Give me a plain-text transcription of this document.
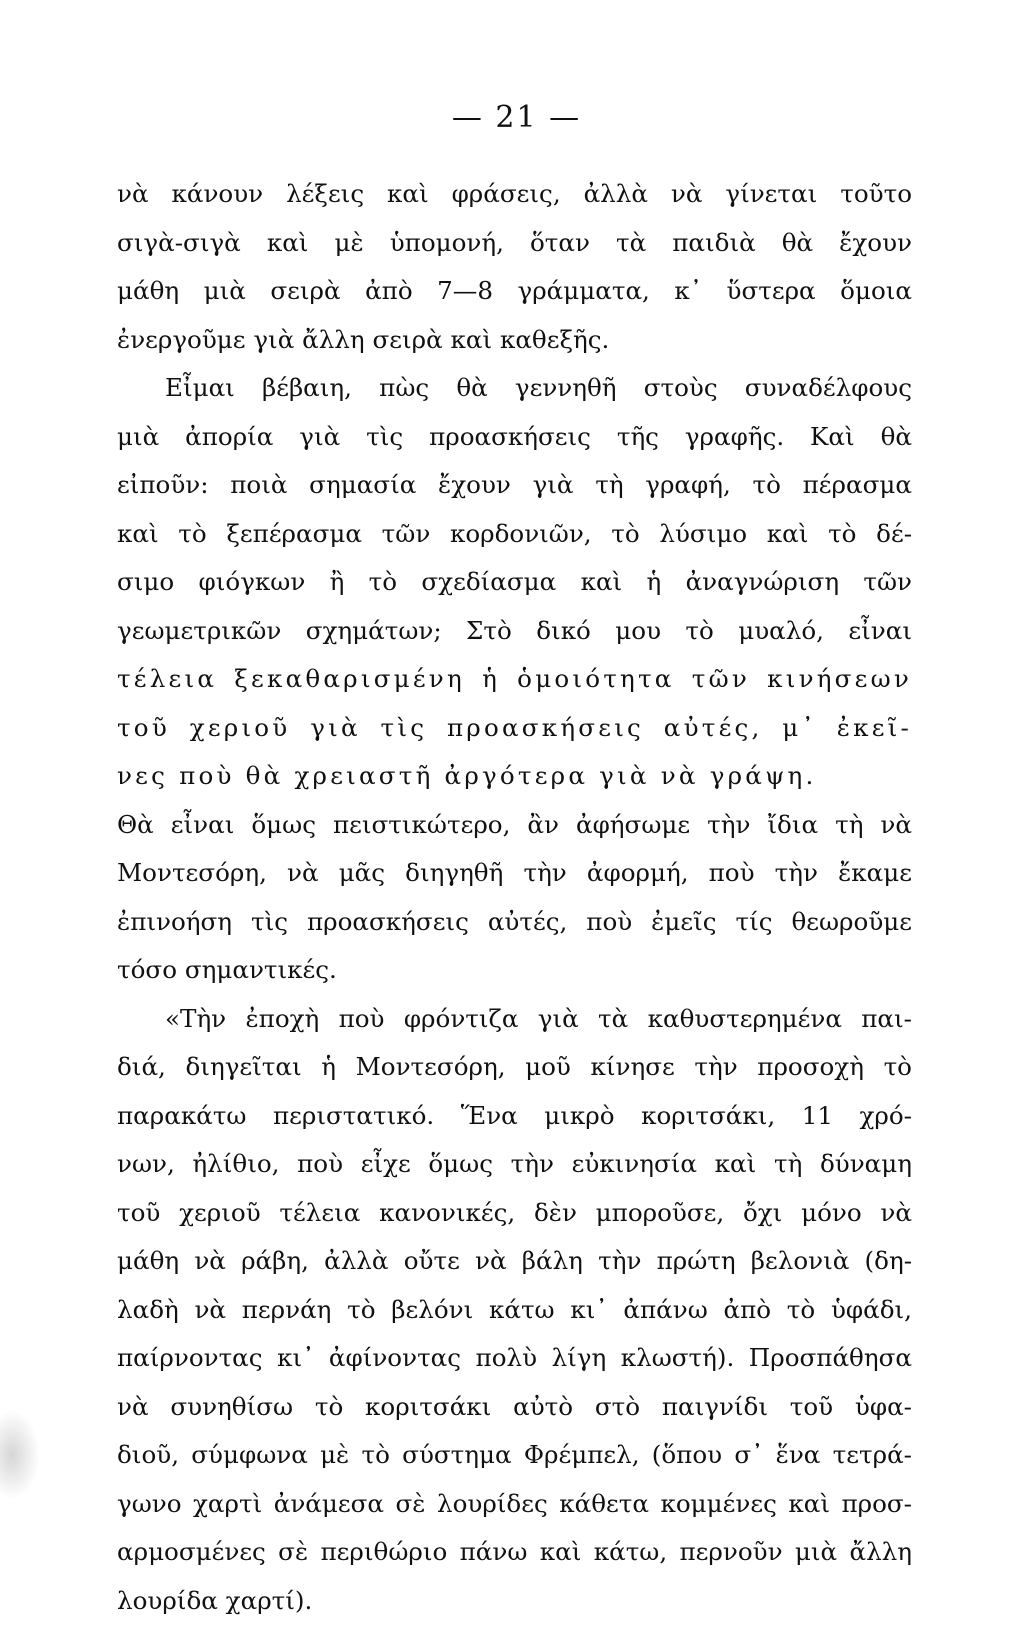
— 21 —
νὰ κάνουν λέξεις καὶ φράσεις, ἀλλὰ νὰ γίνεται τοῦτο
σιγὰ-σιγὰ καὶ μὲ ὑπομονή, ὅταν τὰ παιδιὰ θὰ ἔχουν
μάθη μιὰ σειρὰ ἀπὸ 7—8 γράμματα, κ᾿ ὕστερα ὅμοια
ἐνεργοῦμε γιὰ ἄλλη σειρὰ καὶ καθεξῆς.
Εἶμαι βέβαιη, πὼς θὰ γεννηθῆ στοὺς συναδέλφους
μιὰ ἀπορία γιὰ τὶς προασκήσεις τῆς γραφῆς. Καὶ θὰ
εἰποῦν: ποιὰ σημασία ἔχουν γιὰ τὴ γραφή, τὸ πέρασμα
καὶ τὸ ξεπέρασμα τῶν κορδονιῶν, τὸ λύσιμο καὶ τὸ δέ-
σιμο φιόγκων ἢ τὸ σχεδίασμα καὶ ἡ ἀναγνώριση τῶν
γεωμετρικῶν σχημάτων; Στὸ δικό μου τὸ μυαλό, εἶναι
τέλεια ξεκαθαρισμένη ἡ ὁμοιότητα τῶν κινήσεων
τοῦ χεριοῦ γιὰ τὶς προασκήσεις αὐτές, μ᾿ ἐκεῖ-
νες ποὺ θὰ χρειαστῆ ἀργότερα γιὰ νὰ γράψη.
Θὰ εἶναι ὅμως πειστικώτερο, ἂν ἀφήσωμε τὴν ἴδια τὴ νὰ
Μοντεσόρη, νὰ μᾶς διηγηθῆ τὴν ἀφορμή, ποὺ τὴν ἔκαμε
ἐπινοήση τὶς προασκήσεις αὐτές, ποὺ ἐμεῖς τίς θεωροῦμε
τόσο σημαντικές.
«Τὴν ἐποχὴ ποὺ φρόντιζα γιὰ τὰ καθυστερημένα παι-
διά, διηγεῖται ἡ Μοντεσόρη, μοῦ κίνησε τὴν προσοχὴ τὸ
παρακάτω περιστατικό. Ἕνα μικρὸ κοριτσάκι, 11 χρό-
νων, ἠλίθιο, ποὺ εἶχε ὅμως τὴν εὐκινησία καὶ τὴ δύναμη
τοῦ χεριοῦ τέλεια κανονικές, δὲν μποροῦσε, ὄχι μόνο νὰ
μάθη νὰ ράβη, ἀλλὰ οὔτε νὰ βάλη τὴν πρώτη βελονιὰ (δη-
λαδὴ νὰ περνάη τὸ βελόνι κάτω κι᾿ ἀπάνω ἀπὸ τὸ ὑφάδι,
παίρνοντας κι᾿ ἀφίνοντας πολὺ λίγη κλωστή). Προσπάθησα
νὰ συνηθίσω τὸ κοριτσάκι αὐτὸ στὸ παιγνίδι τοῦ ὑφα-
διοῦ, σύμφωνα μὲ τὸ σύστημα Φρέμπελ, (ὅπου σ᾿ ἕνα τετρά-
γωνο χαρτὶ ἀνάμεσα σὲ λουρίδες κάθετα κομμένες καὶ προσ-
αρμοσμένες σὲ περιθώριο πάνω καὶ κάτω, περνοῦν μιὰ ἄλλη
λουρίδα χαρτί).
